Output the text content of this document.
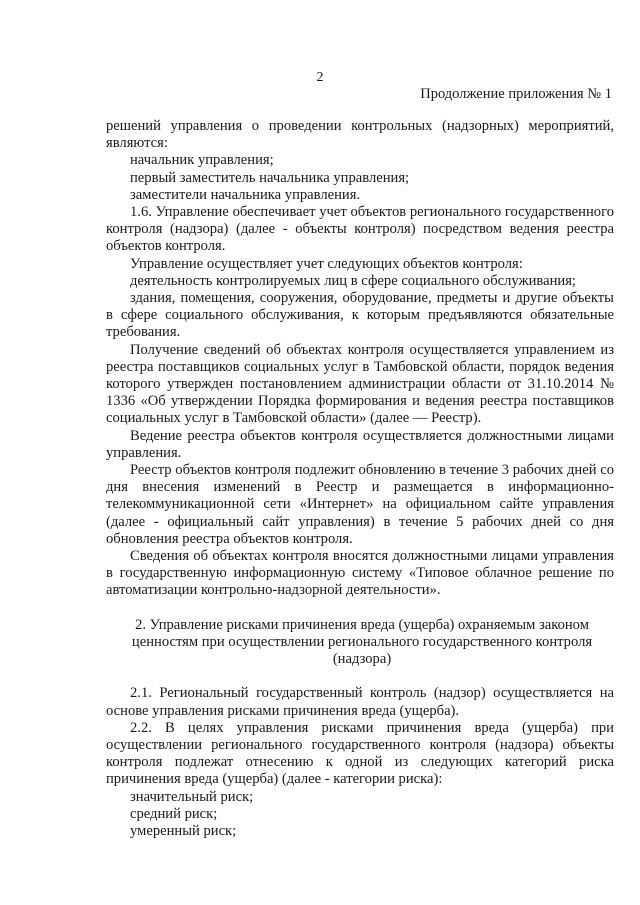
2
Продолжение приложения № 1

решений управления о проведении контрольных (надзорных) мероприятий, являются:

начальник управления;

первый заместитель начальника управления;

заместители начальника управления.

1.6. Управление обеспечивает учет объектов регионального государственного контроля (надзора) (далее - объекты контроля) посредством ведения реестра объектов контроля.

Управление осуществляет учет следующих объектов контроля:

деятельность контролируемых лиц в сфере социального обслуживания;

здания, помещения, сооружения, оборудование, предметы и другие объекты в сфере социального обслуживания, к которым предъявляются обязательные требования.

Получение сведений об объектах контроля осуществляется управлением из реестра поставщиков социальных услуг в Тамбовской области, порядок ведения которого утвержден постановлением администрации области от 31.10.2014 № 1336 «Об утверждении Порядка формирования и ведения реестра поставщиков социальных услуг в Тамбовской области» (далее — Реестр).

Ведение реестра объектов контроля осуществляется должностными лицами управления.

Реестр объектов контроля подлежит обновлению в течение 3 рабочих дней со дня внесения изменений в Реестр и размещается в информационно-телекоммуникационной сети «Интернет» на официальном сайте управления (далее - официальный сайт управления) в течение 5 рабочих дней со дня обновления реестра объектов контроля.

Сведения об объектах контроля вносятся должностными лицами управления в государственную информационную систему «Типовое облачное решение по автоматизации контрольно-надзорной деятельности».

2. Управление рисками причинения вреда (ущерба) охраняемым законом ценностям при осуществлении регионального государственного контроля (надзора)

2.1. Региональный государственный контроль (надзор) осуществляется на основе управления рисками причинения вреда (ущерба).

2.2. В целях управления рисками причинения вреда (ущерба) при осуществлении регионального государственного контроля (надзора) объекты контроля подлежат отнесению к одной из следующих категорий риска причинения вреда (ущерба) (далее - категории риска):

значительный риск;

средний риск;

умеренный риск;
